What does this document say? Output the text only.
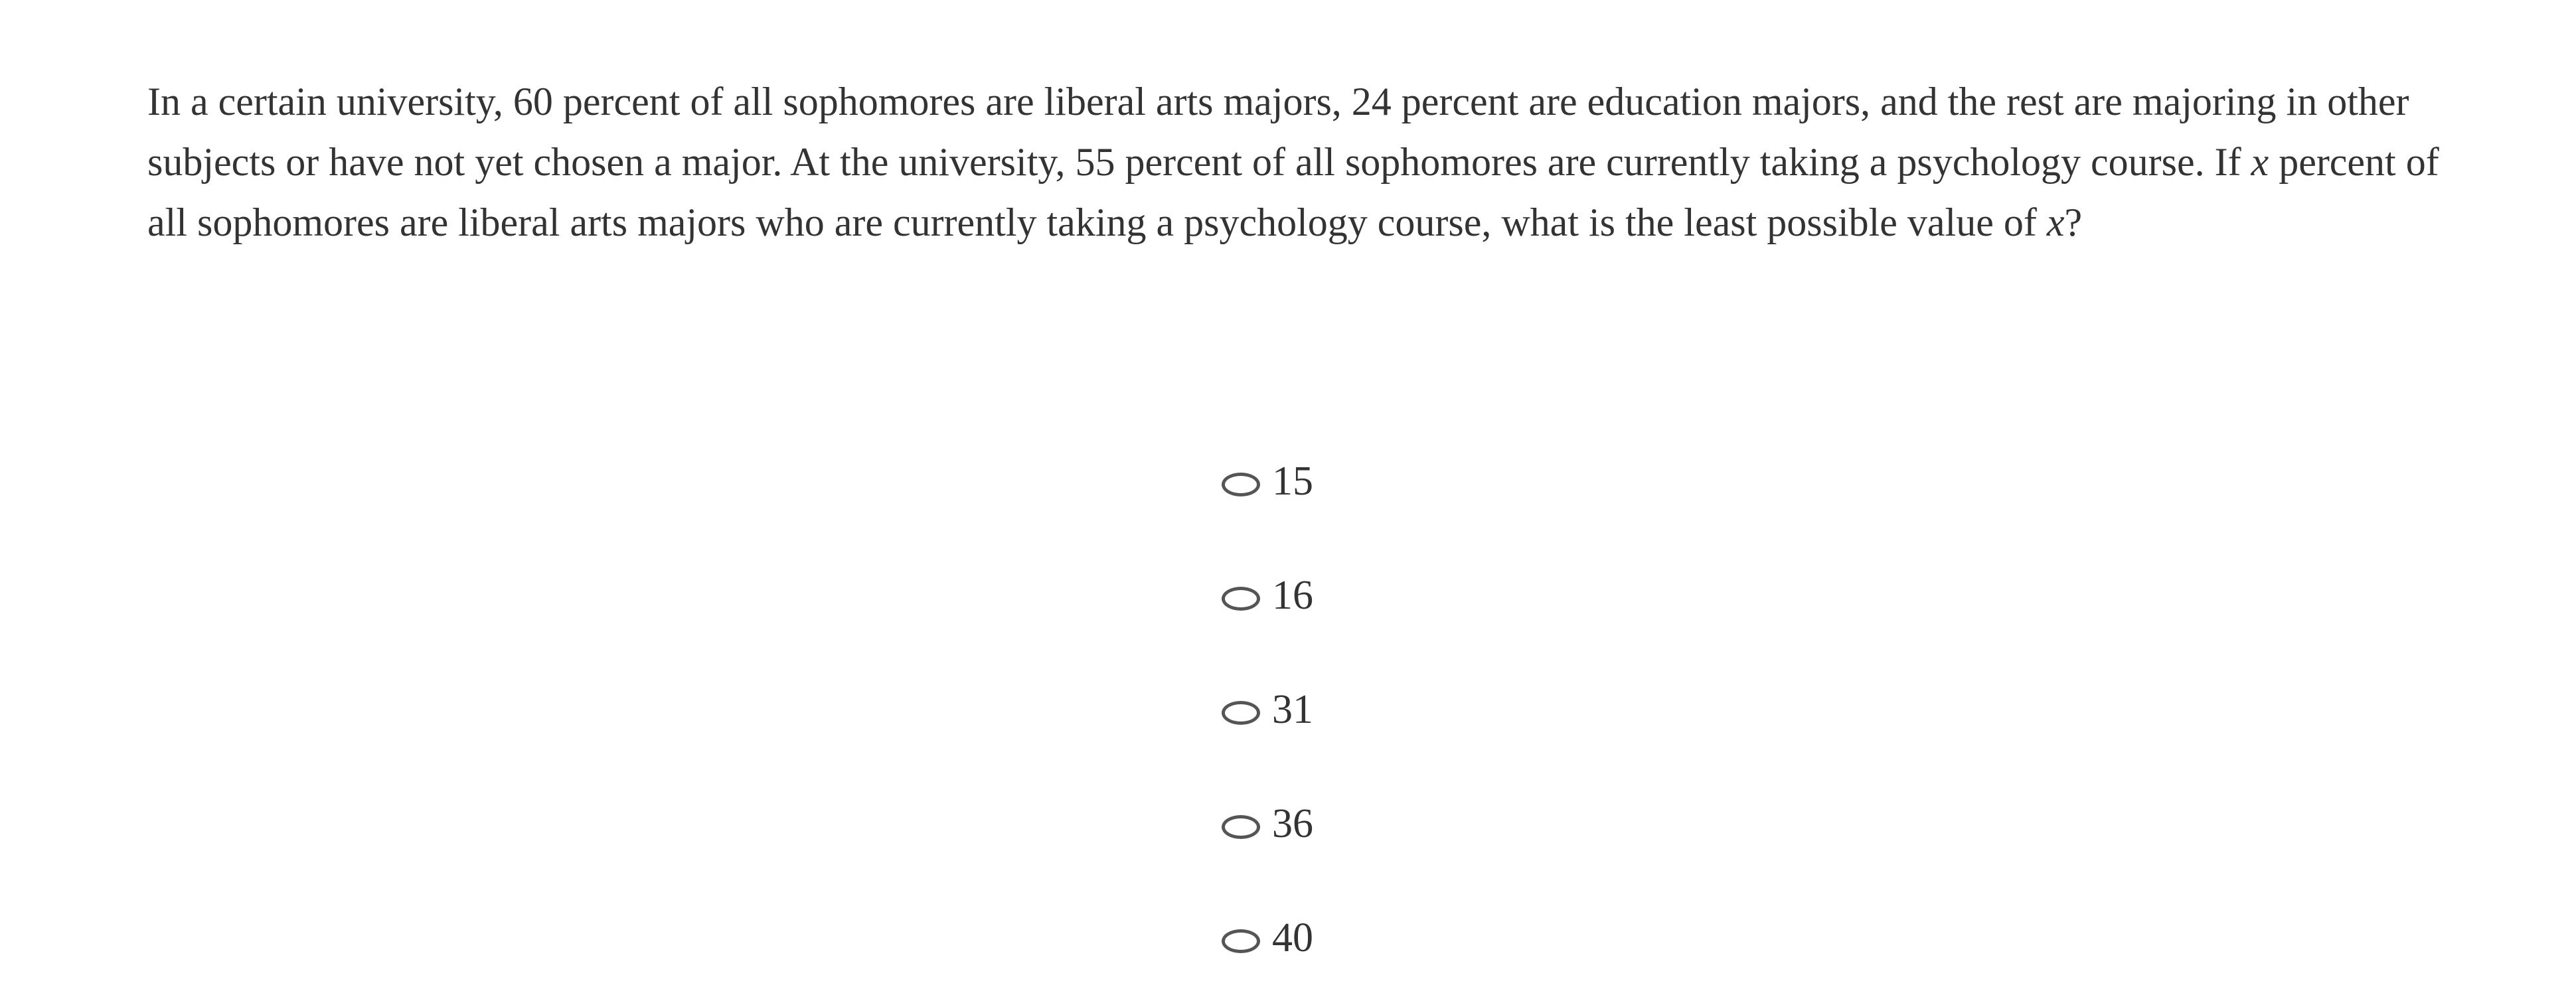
In a certain university, 60 percent of all sophomores are liberal arts majors, 24 percent are education majors, and the rest are majoring in other subjects or have not yet chosen a major. At the university, 55 percent of all sophomores are currently taking a psychology course. If x percent of all sophomores are liberal arts majors who are currently taking a psychology course, what is the least possible value of x?

15
16
31
36
40
